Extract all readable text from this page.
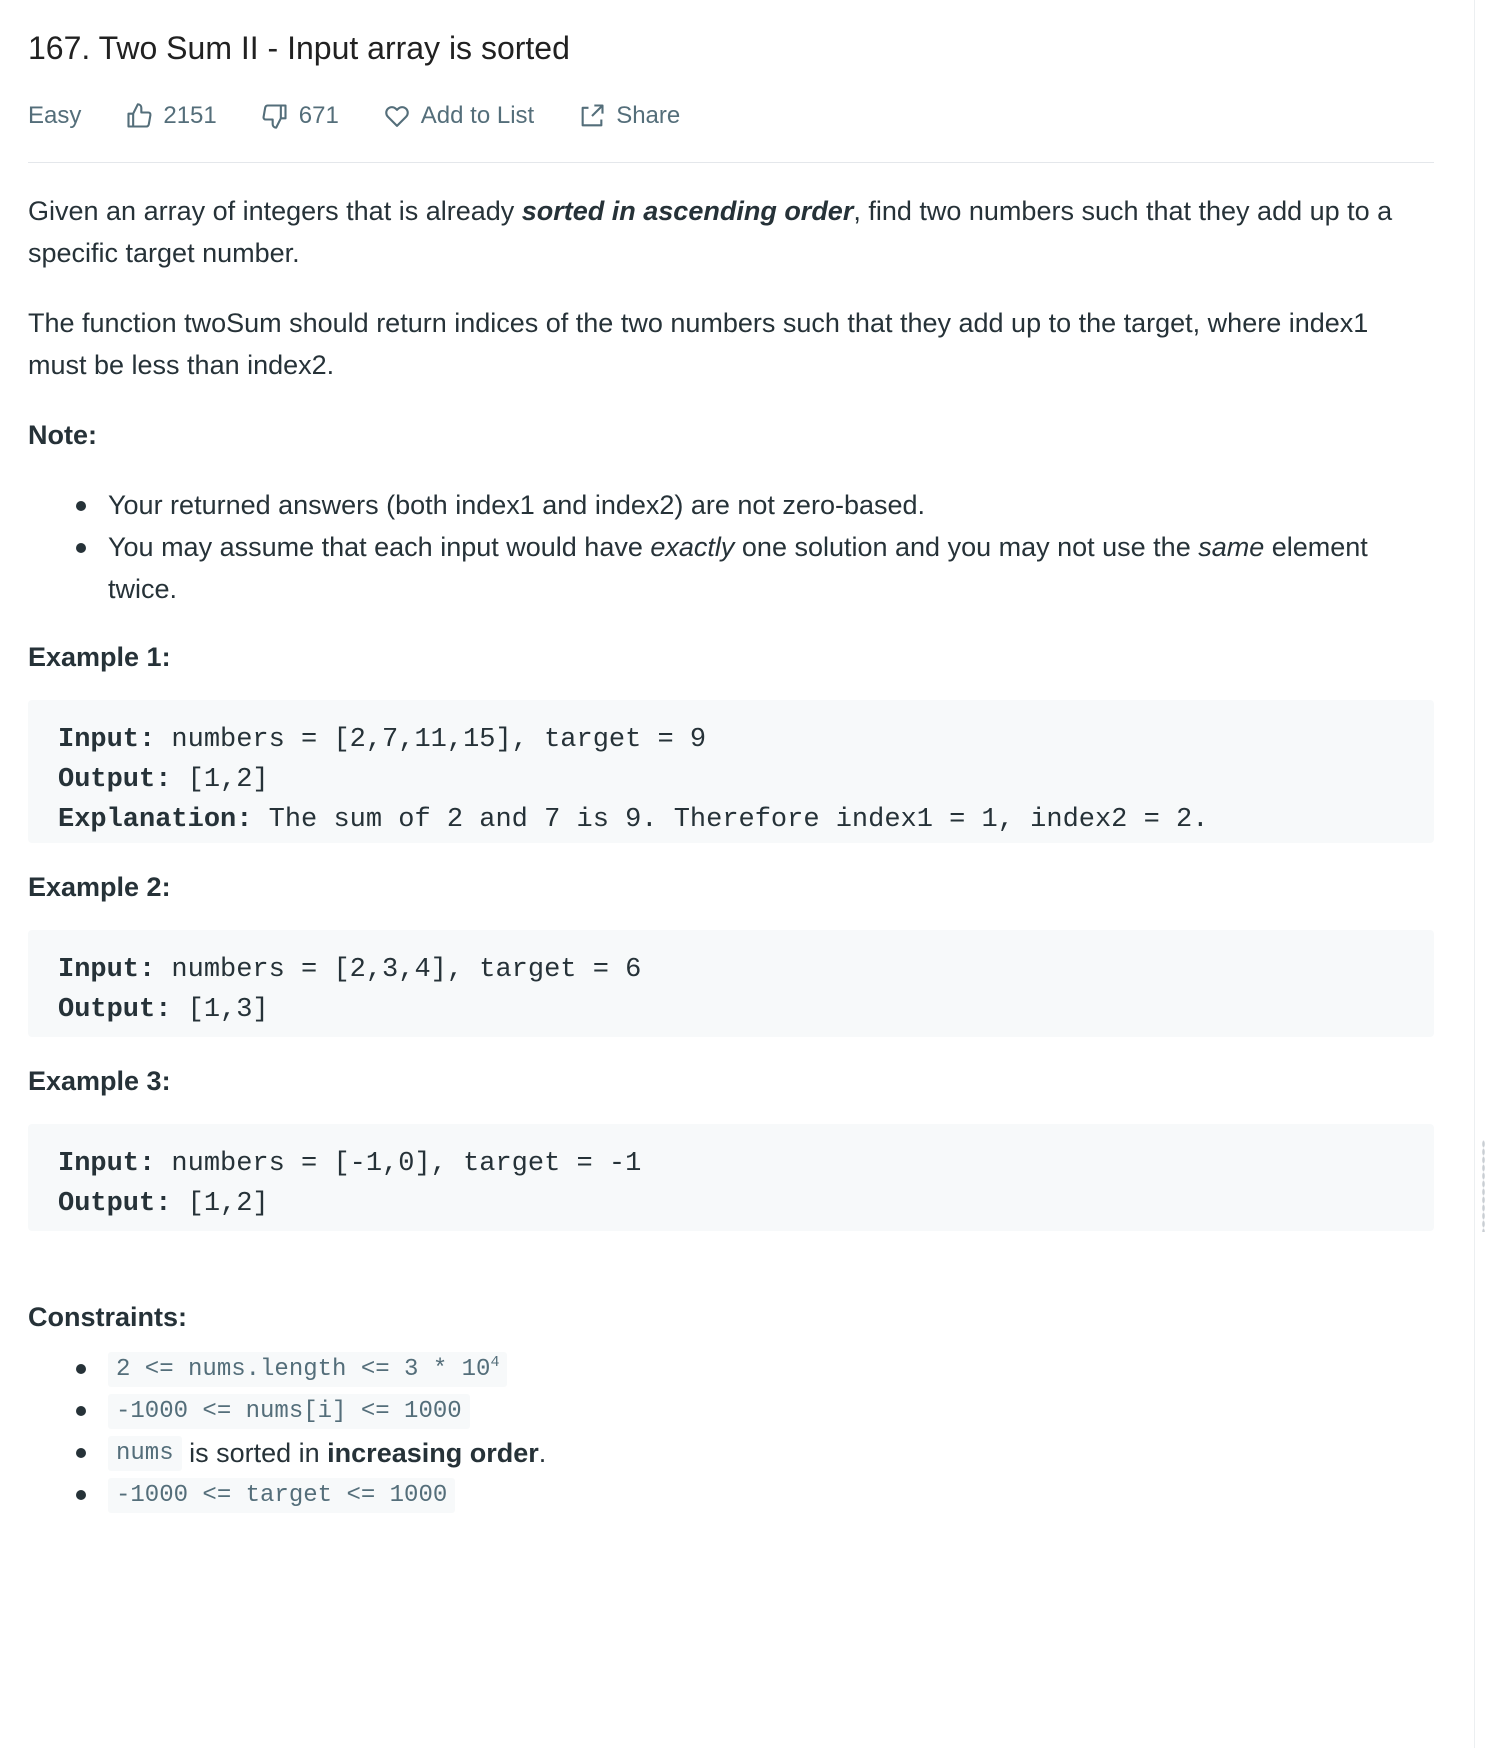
167. Two Sum II - Input array is sorted
Easy	2151	671	Add to List	Share

Given an array of integers that is already sorted in ascending order, find two numbers such that they add up to a specific target number.

The function twoSum should return indices of the two numbers such that they add up to the target, where index1 must be less than index2.

Note:
Your returned answers (both index1 and index2) are not zero-based.
You may assume that each input would have exactly one solution and you may not use the same element twice.
Example 1:
Input: numbers = [2,7,11,15], target = 9
Output: [1,2]
Explanation: The sum of 2 and 7 is 9. Therefore index1 = 1, index2 = 2.
Example 2:
Input: numbers = [2,3,4], target = 6
Output: [1,3]
Example 3:
Input: numbers = [-1,0], target = -1
Output: [1,2]
Constraints:
2 <= nums.length <= $3 * 10^4$
-1000 <= nums[i] <= 1000
nums is sorted in increasing order .
-1000 <= target <= 1000
